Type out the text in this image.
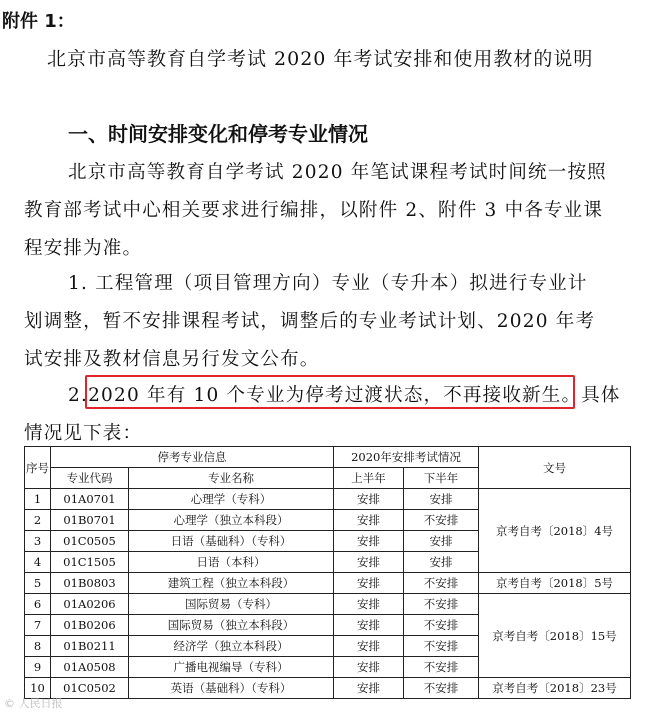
附件 1：
北京市高等教育自学考试 2020 年考试安排和使用教材的说明
一、时间安排变化和停考专业情况
北京市高等教育自学考试 2020 年笔试课程考试时间统一按照
教育部考试中心相关要求进行编排，以附件 2、附件 3 中各专业课
程安排为准。
1. 工程管理（项目管理方向）专业（专升本）拟进行专业计
划调整，暂不安排课程考试，调整后的专业考试计划、2020 年考
试安排及教材信息另行发文公布。
2.2020 年有 10 个专业为停考过渡状态，不再接收新生。具体
情况见下表：
序号	停考专业信息		2020年安排考试情况		文号
	专业代码	专业名称	上半年	下半年	
1	01A0701	心理学（专科）	安排	安排	京考自考〔2018〕4号
2	01B0701	心理学（独立本科段）	安排	不安排	
3	01C0505	日语（基础科）（专科）	安排	安排	
4	01C1505	日语（本科）	安排	安排	
5	01B0803	建筑工程（独立本科段）	安排	不安排	京考自考〔2018〕5号
6	01A0206	国际贸易（专科）	安排	不安排	京考自考〔2018〕15号
7	01B0206	国际贸易（独立本科段）	安排	不安排	
8	01B0211	经济学（独立本科段）	安排	不安排	
9	01A0508	广播电视编导（专科）	安排	不安排	
10	01C0502	英语（基础科）（专科）	安排	不安排	京考自考〔2018〕23号
© 人民日报
